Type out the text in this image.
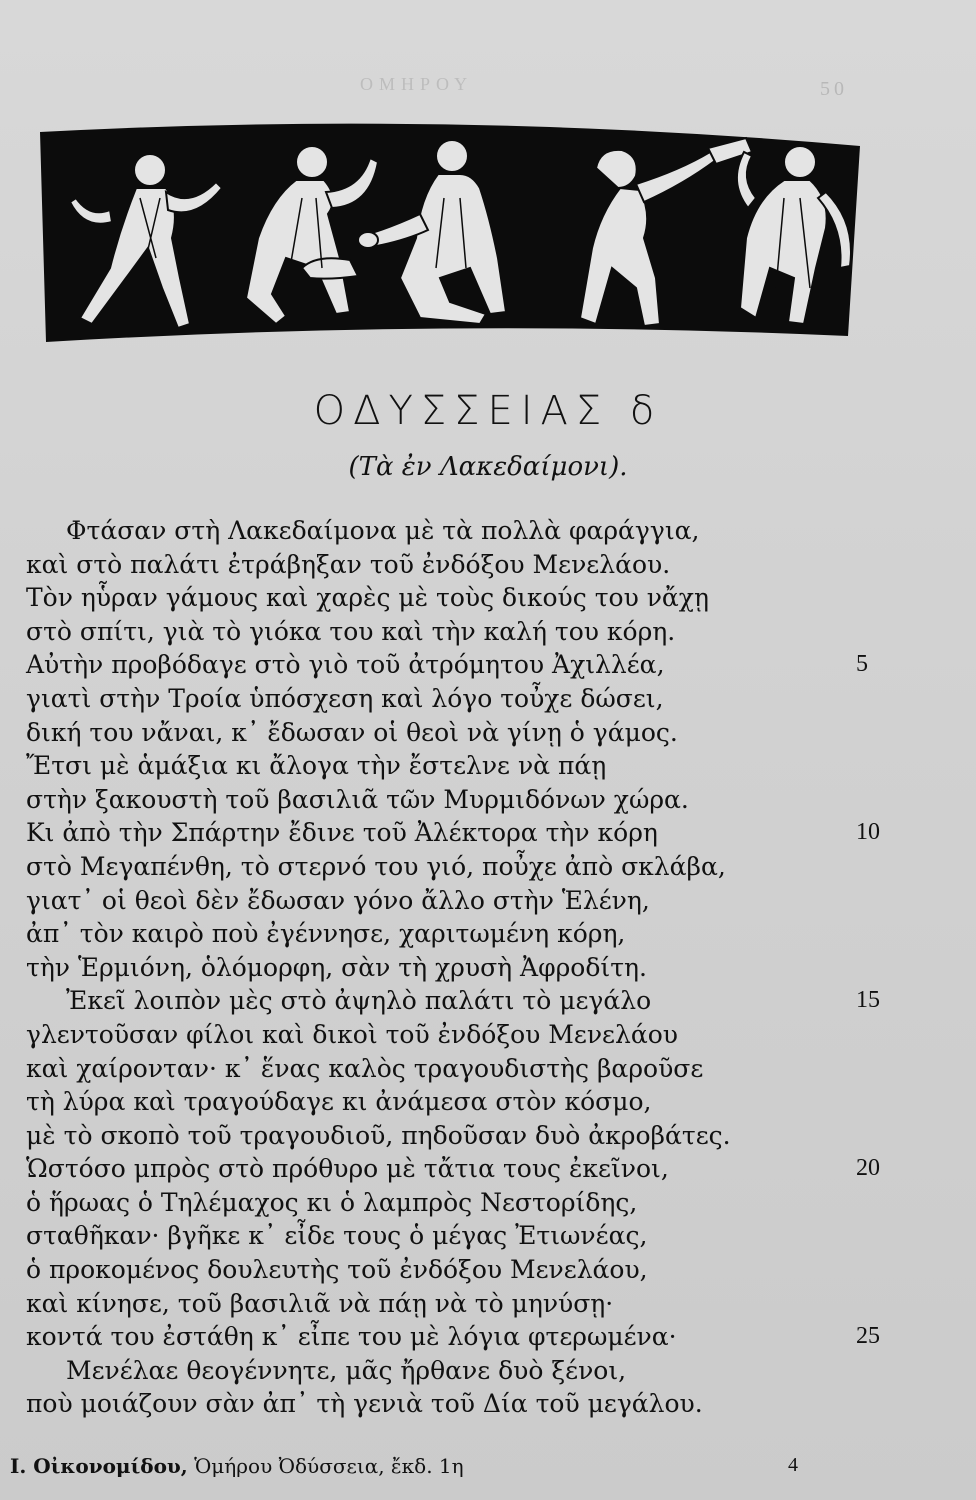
ΟΜΗΡΟΥ	50
ΟΔΥΣΣΕΙΑΣ δ
(Τὰ ἐν Λακεδαίμονι).
Φτάσαν στὴ Λακεδαίμονα μὲ τὰ πολλὰ φαράγγια,
καὶ στὸ παλάτι ἐτράβηξαν τοῦ ἐνδόξου Μενελάου.
Τὸν ηὗραν γάμους καὶ χαρὲς μὲ τοὺς δικούς του νἄχῃ
στὸ σπίτι, γιὰ τὸ γιόκα του καὶ τὴν καλή του κόρη.
Αὐτὴν προβόδαγε στὸ γιὸ τοῦ ἀτρόμητου Ἀχιλλέα,	5
γιατὶ στὴν Τροία ὑπόσχεση καὶ λόγο τοὖχε δώσει,
δική του νἄναι, κ᾽ ἔδωσαν οἱ θεοὶ νὰ γίνῃ ὁ γάμος.
Ἔτσι μὲ ἁμάξια κι ἄλογα τὴν ἔστελνε νὰ πάῃ
στὴν ξακουστὴ τοῦ βασιλιᾶ τῶν Μυρμιδόνων χώρα.
Κι ἀπὸ τὴν Σπάρτην ἔδινε τοῦ Ἀλέκτορα τὴν κόρη	10
στὸ Μεγαπένθη, τὸ στερνό του γιό, ποὖχε ἀπὸ σκλάβα,
γιατ᾽ οἱ θεοὶ δὲν ἔδωσαν γόνο ἄλλο στὴν Ἑλένη,
ἀπ᾽ τὸν καιρὸ ποὺ ἐγέννησε, χαριτωμένη κόρη,
τὴν Ἑρμιόνη, ὁλόμορφη, σὰν τὴ χρυσὴ Ἀφροδίτη.
Ἐκεῖ λοιπὸν μὲς στὸ ἀψηλὸ παλάτι τὸ μεγάλο	15
γλεντοῦσαν φίλοι καὶ δικοὶ τοῦ ἐνδόξου Μενελάου
καὶ χαίρονταν· κ᾽ ἕνας καλὸς τραγουδιστὴς βαροῦσε
τὴ λύρα καὶ τραγούδαγε κι ἀνάμεσα στὸν κόσμο,
μὲ τὸ σκοπὸ τοῦ τραγουδιοῦ, πηδοῦσαν δυὸ ἀκροβάτες.
Ὡστόσο μπρὸς στὸ πρόθυρο μὲ τἄτια τους ἐκεῖνοι,	20
ὁ ἥρωας ὁ Τηλέμαχος κι ὁ λαμπρὸς Νεστορίδης,
σταθῆκαν· βγῆκε κ᾽ εἶδε τους ὁ μέγας Ἐτιωνέας,
ὁ προκομένος δουλευτὴς τοῦ ἐνδόξου Μενελάου,
καὶ κίνησε, τοῦ βασιλιᾶ νὰ πάῃ νὰ τὸ μηνύσῃ·
κοντά του ἐστάθη κ᾽ εἶπε του μὲ λόγια φτερωμένα·	25
Μενέλαε θεογέννητε, μᾶς ἤρθανε δυὸ ξένοι,
ποὺ μοιάζουν σὰν ἀπ᾽ τὴ γενιὰ τοῦ Δία τοῦ μεγάλου.
Ι. Οἰκονομίδου, Ὁμήρου Ὀδύσσεια, ἔκδ. 1η	4
